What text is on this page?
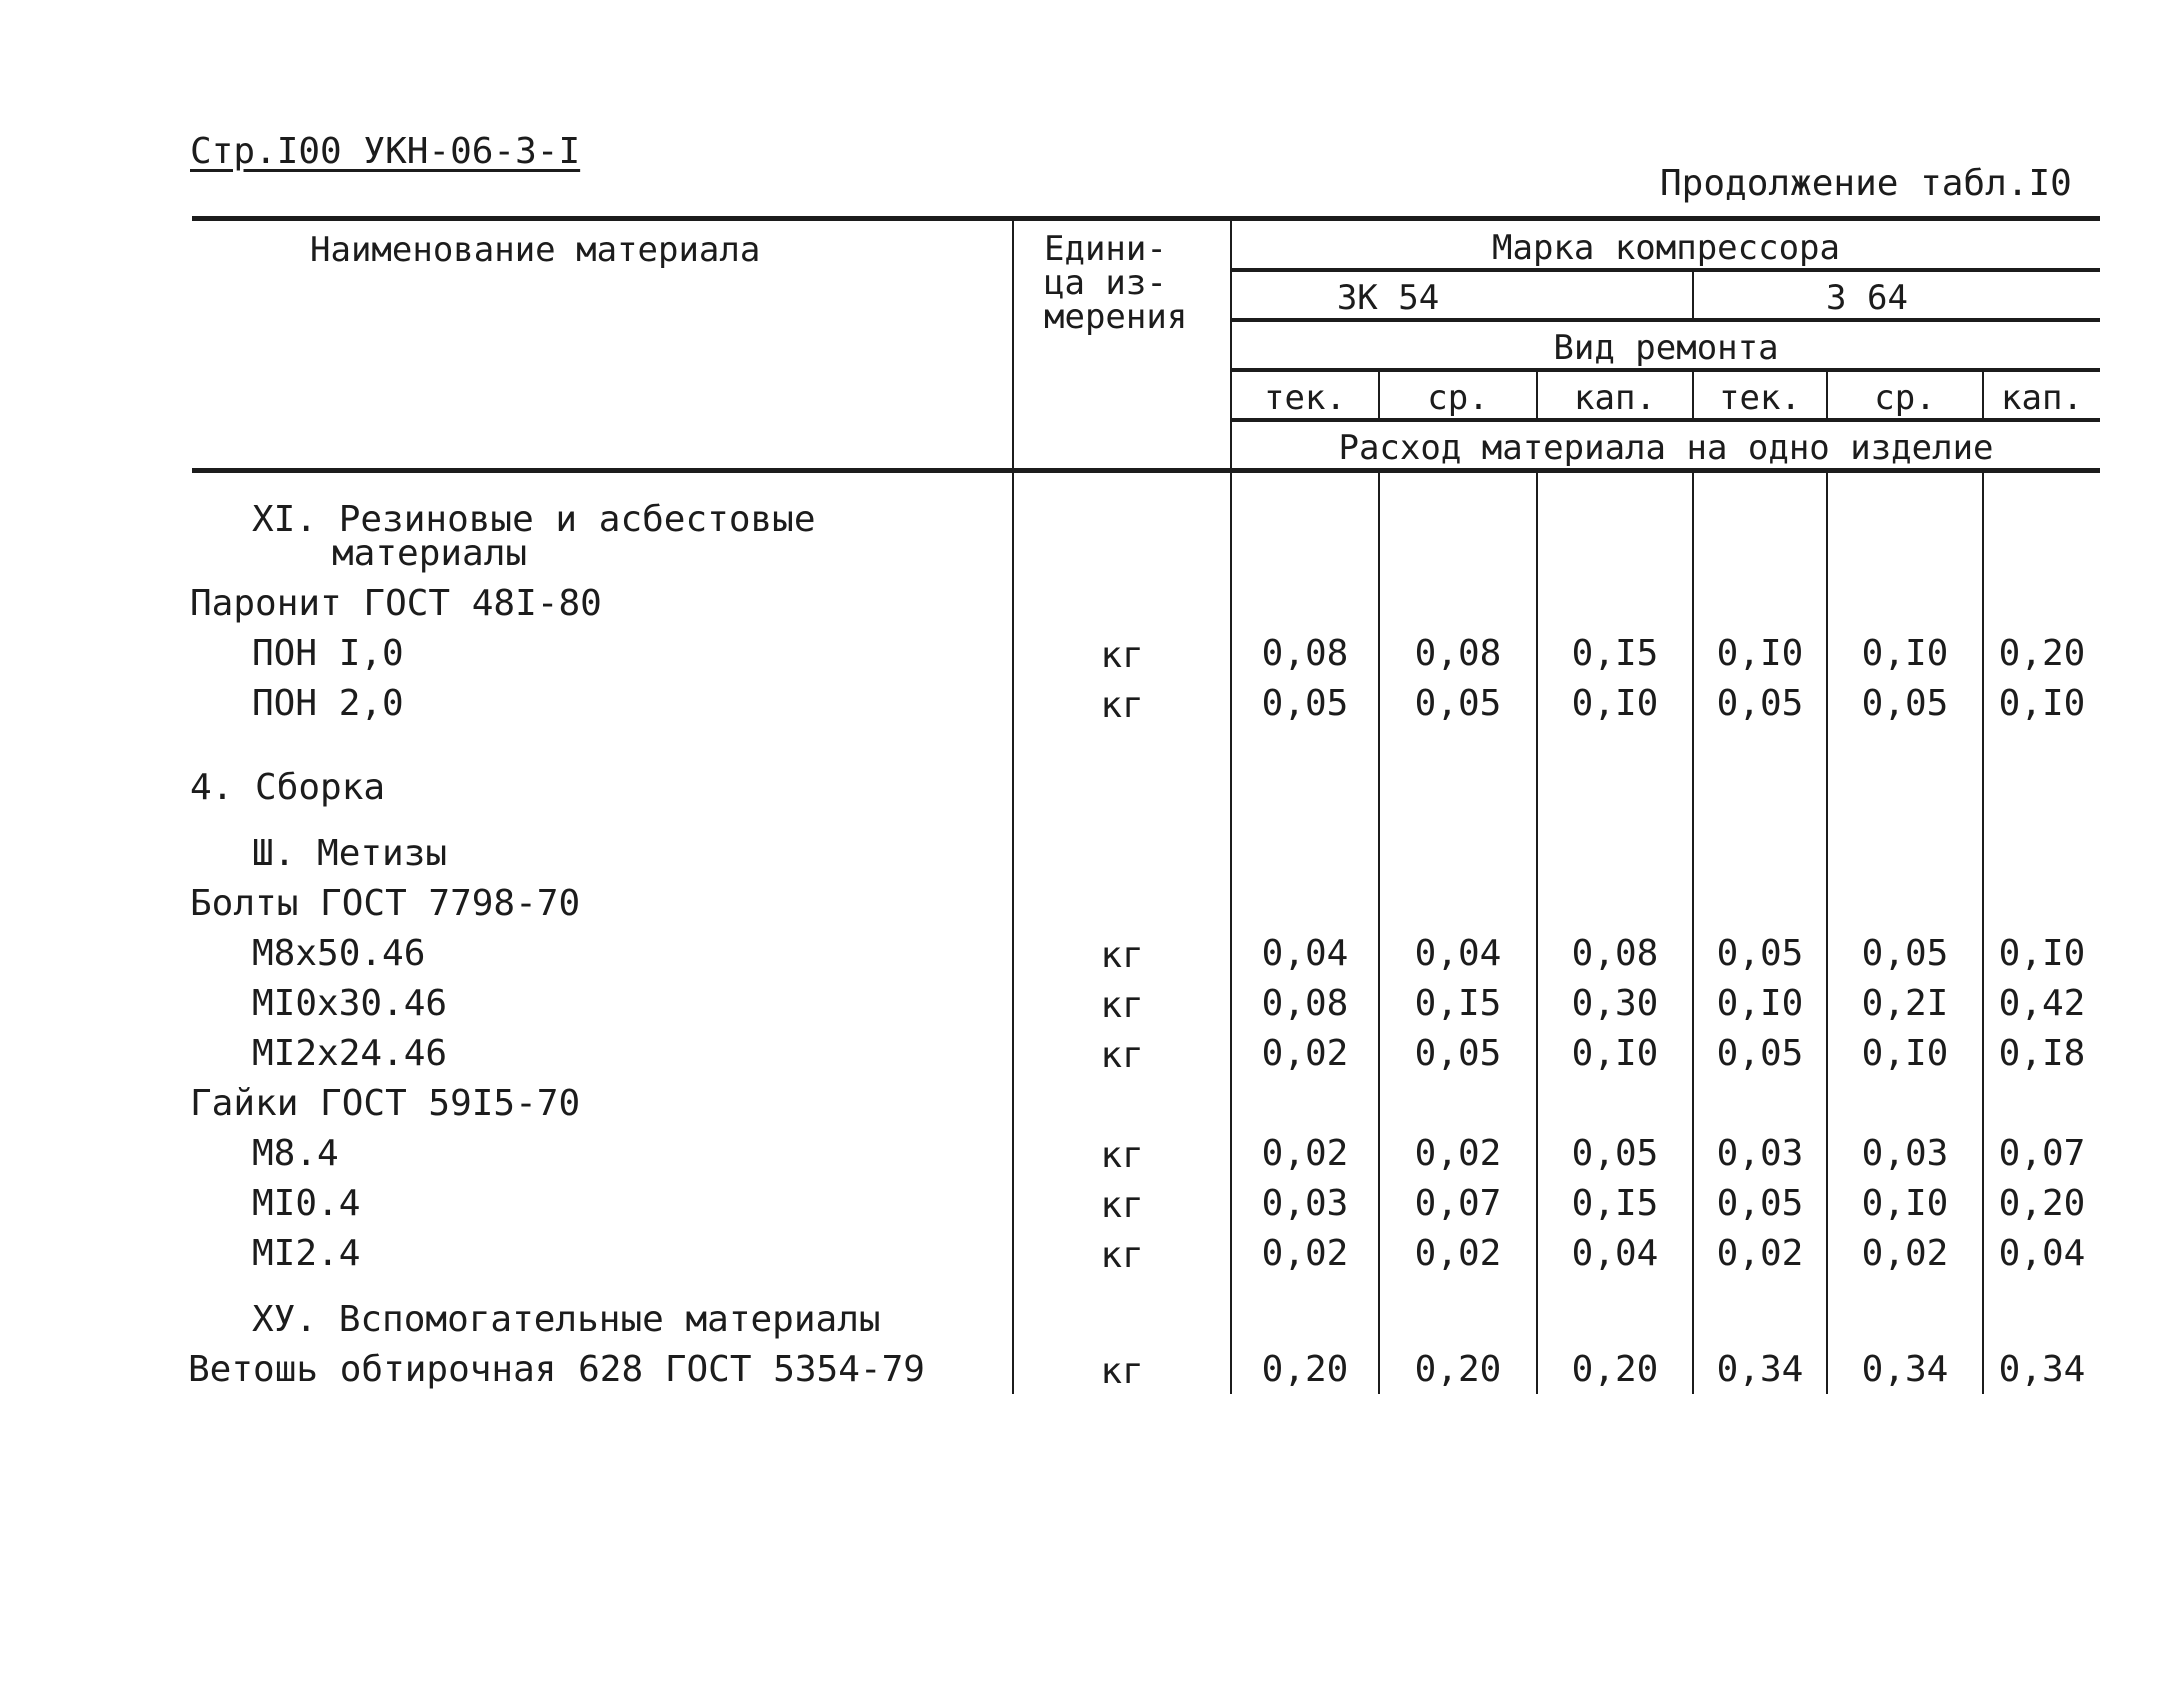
Стр.I00 УКН-06-3-I
Продолжение табл.I0
Наименование материала	Едини-
ца из-
мерения
Марка компрессора
ЗК 54	З 64
Вид ремонта
тек.	ср.	кап.	тек.	ср.	кап.
Расход материала на одно изделие
XI. Резиновые и асбестовые
материалы
Паронит ГОСТ 48I-80
ПОН I,0	кг	0,08	0,08	0,I5	0,I0	0,I0	0,20
ПОН 2,0	кг	0,05	0,05	0,I0	0,05	0,05	0,I0
4. Сборка
Ш. Метизы
Болты ГОСТ 7798-70
М8х50.46	кг	0,04	0,04	0,08	0,05	0,05	0,I0
МI0х30.46	кг	0,08	0,I5	0,30	0,I0	0,2I	0,42
МI2х24.46	кг	0,02	0,05	0,I0	0,05	0,I0	0,I8
Гайки ГОСТ 59I5-70
М8.4	кг	0,02	0,02	0,05	0,03	0,03	0,07
МI0.4	кг	0,03	0,07	0,I5	0,05	0,I0	0,20
МI2.4	кг	0,02	0,02	0,04	0,02	0,02	0,04
ХУ. Вспомогательные материалы
Ветошь обтирочная 628 ГОСТ 5354-79	кг	0,20	0,20	0,20	0,34	0,34	0,34
